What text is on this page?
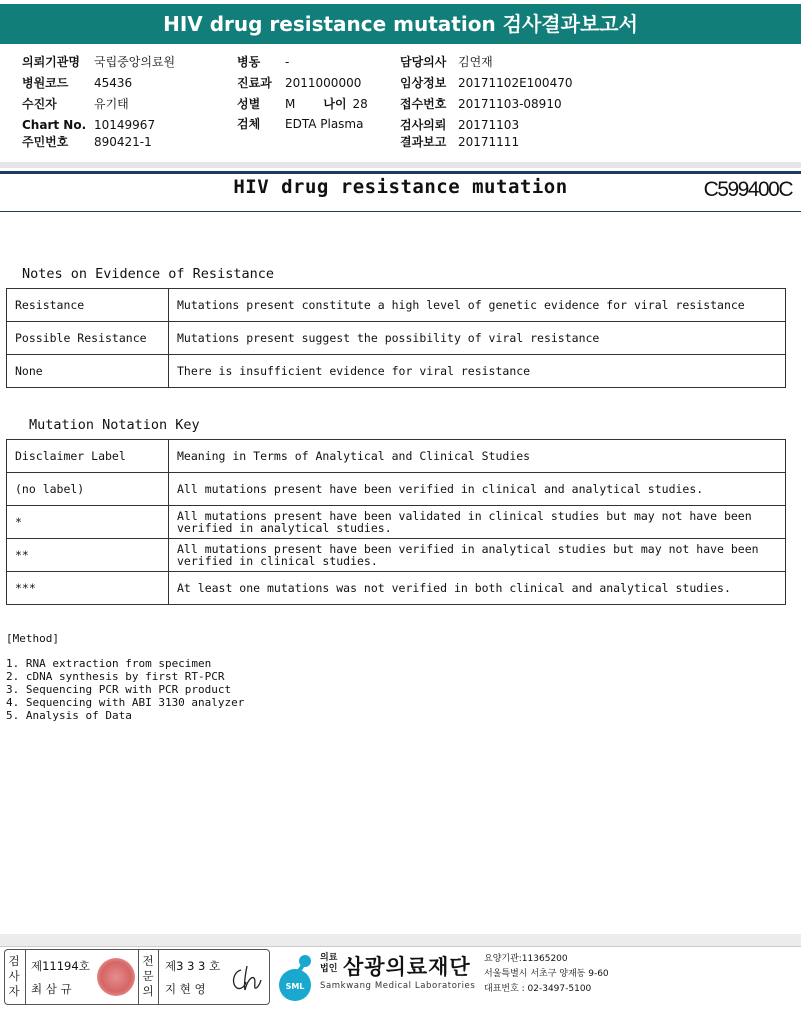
HIV drug resistance mutation 검사결과보고서
의뢰기관명 국립중앙의료원
병원코드 45436
수진자	유기태
Chart No. 10149967
주민번호 890421-1
병동 -
진료과 2011000000
성별 M 나이 28
검체 EDTA Plasma
담당의사 김연재
임상정보 20171102E100470
접수번호 20171103-08910
검사의뢰 20171103
결과보고 20171111
HIV drug resistance mutation	C599400C
Notes on Evidence of Resistance
Resistance	Mutations present constitute a high level of genetic evidence for viral resistance
Possible Resistance	Mutations present suggest the possibility of viral resistance
None	There is insufficient evidence for viral resistance
Mutation Notation Key
Disclaimer Label	Meaning in Terms of Analytical and Clinical Studies
(no label)	All mutations present have been verified in clinical and analytical studies.
*	All mutations present have been validated in clinical studies but may not have been verified in analytical studies.
**	All mutations present have been verified in analytical studies but may not have been verified in clinical studies.
***	At least one mutations was not verified in both clinical and analytical studies.
[Method]
1. RNA extraction from specimen
2. cDNA synthesis by first RT-PCR
3. Sequencing PCR with PCR product
4. Sequencing with ABI 3130 analyzer
5. Analysis of Data
검
사
자
제11194호
최 삼 규
전
문
의
제3 3 3 호
지 현 영	SML
의료
법인 삼광의료재단
Samkwang Medical Laboratories
요양기관:11365200
서울특별시 서초구 양재동 9-60
대표번호 : 02-3497-5100
